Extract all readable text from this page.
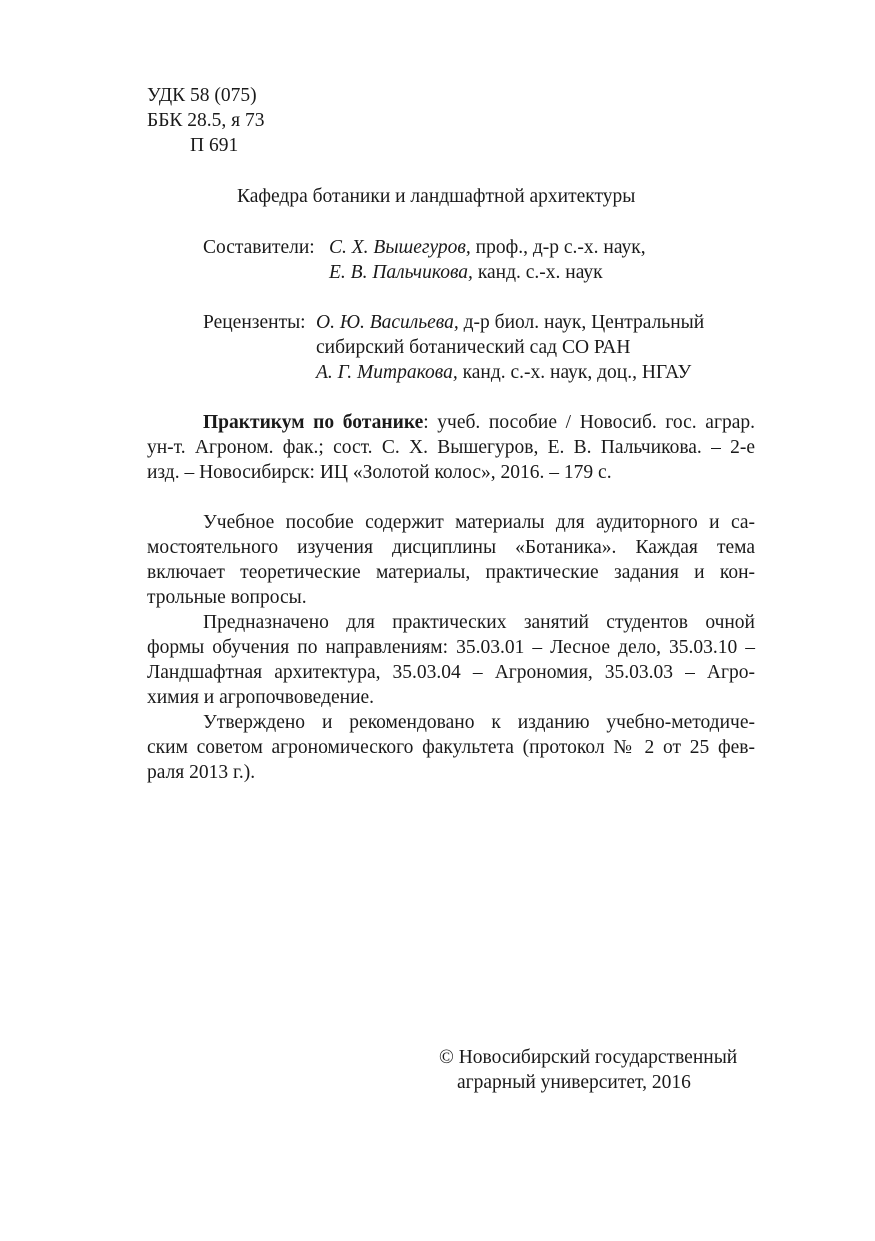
УДК 58 (075)
ББК 28.5, я 73
П 691
Кафедра ботаники и ландшафтной архитектуры
Составители: С. Х. Вышегуров, проф., д-р с.-х. наук,
Е. В. Пальчикова, канд. с.-х. наук
Рецензенты: О. Ю. Васильева, д-р биол. наук, Центральный
сибирский ботанический сад СО РАН
А. Г. Митракова, канд. с.-х. наук, доц., НГАУ
Практикум по ботанике: учеб. пособие / Новосиб. гос. аграр.
ун-т. Агроном. фак.; сост. С. Х. Вышегуров, Е. В. Пальчикова. – 2-е
изд. – Новосибирск: ИЦ «Золотой колос», 2016. – 179 с.
Учебное пособие содержит материалы для аудиторного и са-
мостоятельного изучения дисциплины «Ботаника». Каждая тема
включает теоретические материалы, практические задания и кон-
трольные вопросы.
Предназначено для практических занятий студентов очной
формы обучения по направлениям: 35.03.01 – Лесное дело, 35.03.10 –
Ландшафтная архитектура, 35.03.04 – Агрономия, 35.03.03 – Агро-
химия и агропочвоведение.
Утверждено и рекомендовано к изданию учебно-методиче-
ским советом агрономического факультета (протокол № 2 от 25 фев-
раля 2013 г.).
© Новосибирский государственный
аграрный университет, 2016
